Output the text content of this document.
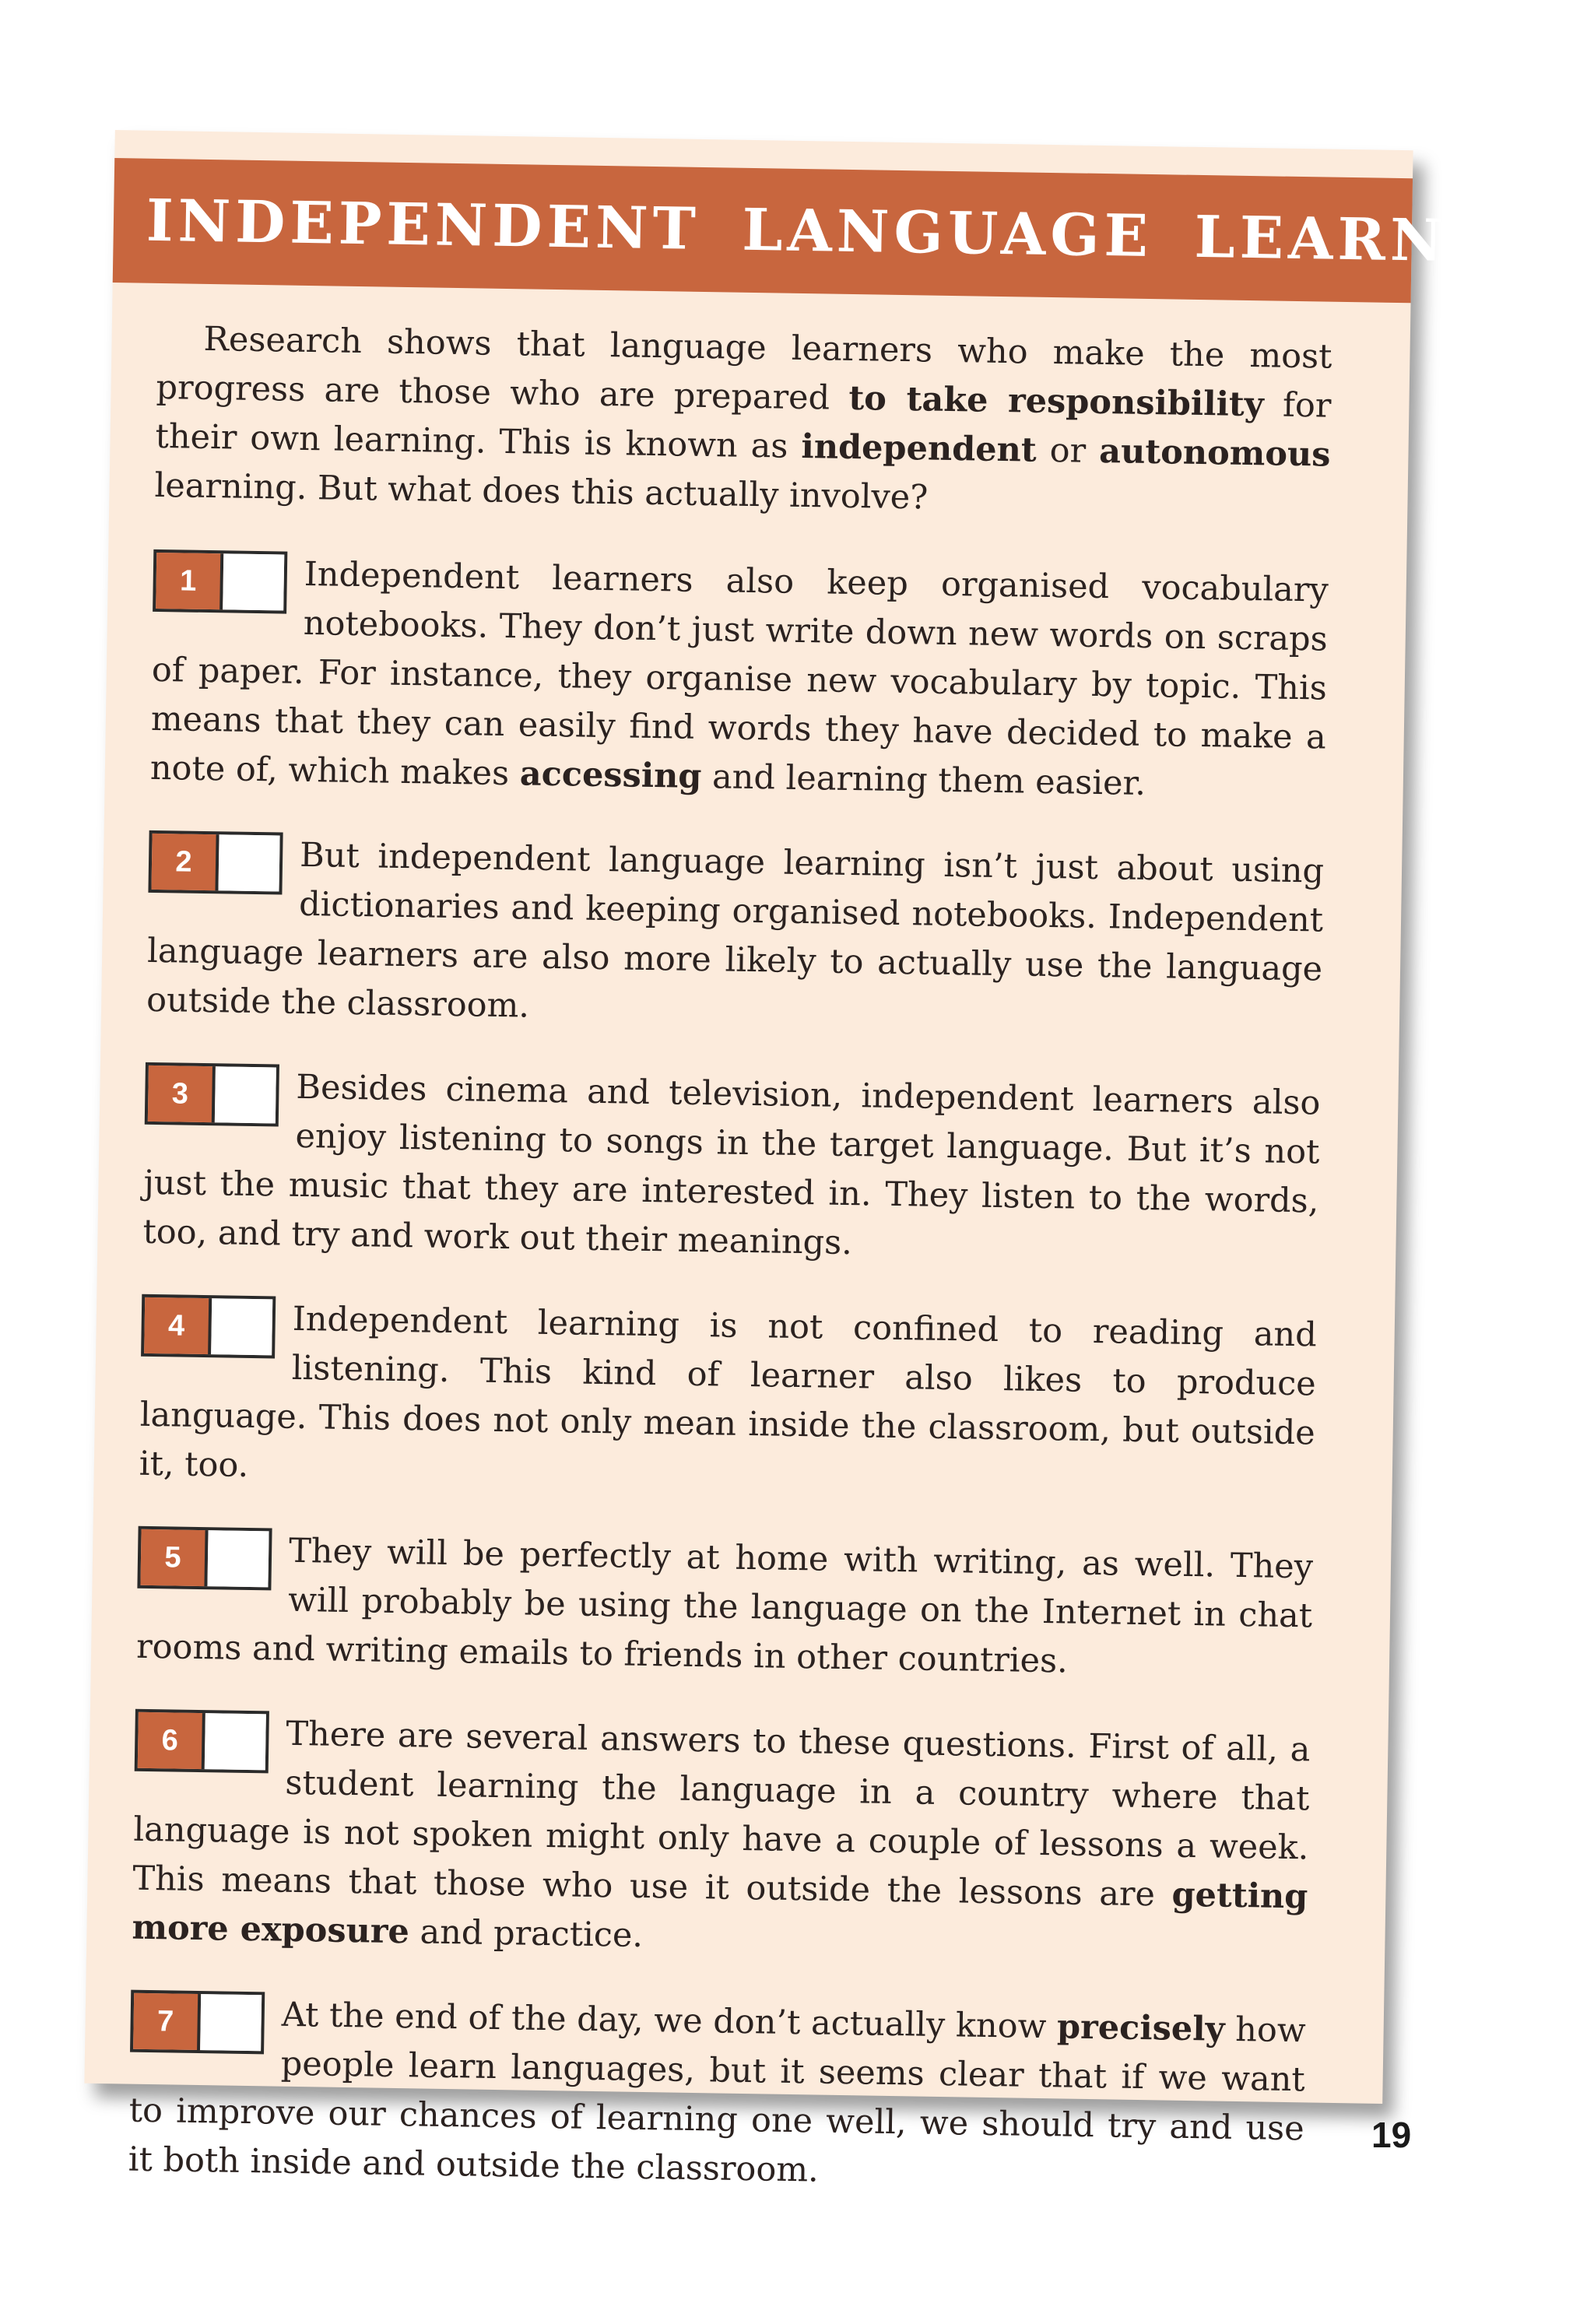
INDEPENDENT LANGUAGE LEARNING

Research shows that language learners who make the most progress are those who are prepared to take responsibility for their own learning. This is known as independent or autonomous learning. But what does this actually involve?

1	Independent learners also keep organised vocabulary notebooks. They don’t just write down new words on scraps of paper. For instance, they organise new vocabulary by topic. This means that they can easily find words they have decided to make a note of, which makes accessing and learning them easier.
2	But independent language learning isn’t just about using dictionaries and keeping organised notebooks. Independent language learners are also more likely to actually use the language outside the classroom.
3	Besides cinema and television, independent learners also enjoy listening to songs in the target language. But it’s not just the music that they are interested in. They listen to the words, too, and try and work out their meanings.
4	Independent learning is not confined to reading and listening. This kind of learner also likes to produce language. This does not only mean inside the classroom, but outside it, too.
5	They will be perfectly at home with writing, as well. They will probably be using the language on the Internet in chat rooms and writing emails to friends in other countries.
6	There are several answers to these questions. First of all, a student learning the language in a country where that language is not spoken might only have a couple of lessons a week. This means that those who use it outside the lessons are getting more exposure and practice.
7	At the end of the day, we don’t actually know precisely how people learn languages, but it seems clear that if we want to improve our chances of learning one well, we should try and use it both inside and outside the classroom.
19
